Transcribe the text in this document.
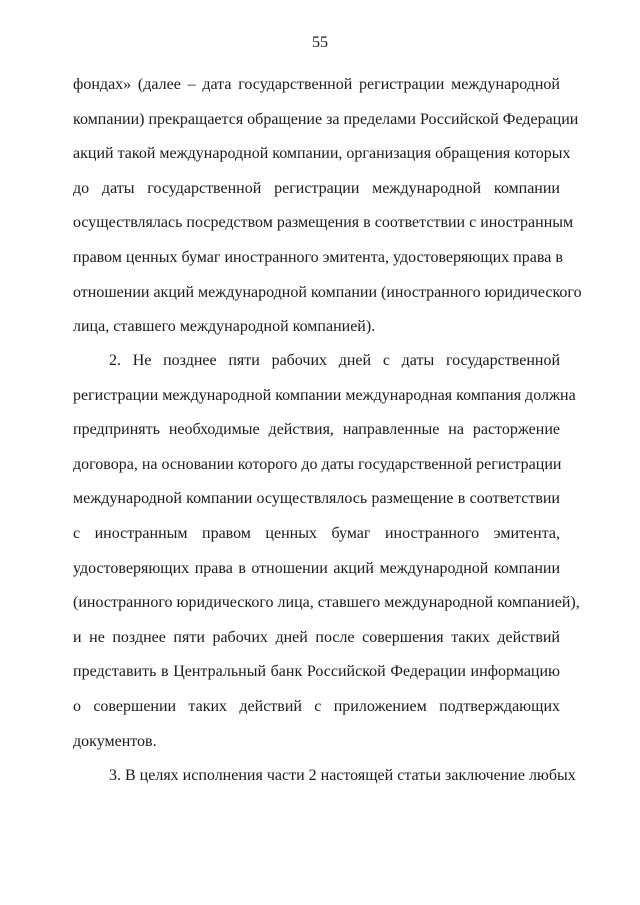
55
фондах» (далее – дата государственной регистрации международной
компании) прекращается обращение за пределами Российской Федерации
акций такой международной компании, организация обращения которых
до даты государственной регистрации международной компании
осуществлялась посредством размещения в соответствии с иностранным
правом ценных бумаг иностранного эмитента, удостоверяющих права в
отношении акций международной компании (иностранного юридического
лица, ставшего международной компанией).
2. Не позднее пяти рабочих дней с даты государственной
регистрации международной компании международная компания должна
предпринять необходимые действия, направленные на расторжение
договора, на основании которого до даты государственной регистрации
международной компании осуществлялось размещение в соответствии
с иностранным правом ценных бумаг иностранного эмитента,
удостоверяющих права в отношении акций международной компании
(иностранного юридического лица, ставшего международной компанией),
и не позднее пяти рабочих дней после совершения таких действий
представить в Центральный банк Российской Федерации информацию
о совершении таких действий с приложением подтверждающих
документов.
3. В целях исполнения части 2 настоящей статьи заключение любых
